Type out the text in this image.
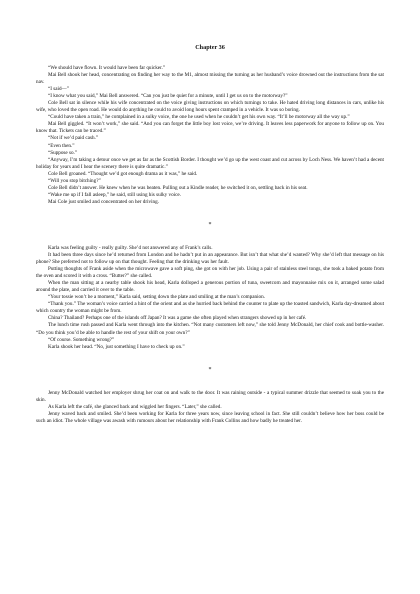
Chapter 36

“We should have flown. It would have been far quicker.”

Mai Bell shook her head, concentrating on finding her way to the M1, almost missing the turning as her husband’s voice drowned out the instructions from the sat nav.

“I said—”

“I know what you said,” Mai Bell answered. “Can you just be quiet for a minute, until I get us on to the motorway?”

Cole Bell sat in silence while his wife concentrated on the voice giving instructions on which turnings to take. He hated driving long distances in cars, unlike his wife, who loved the open road. He would do anything he could to avoid long hours spent cramped in a vehicle. It was so boring.

“Could have taken a train,” he complained in a sulky voice, the one he used when he couldn’t get his own way. “It’ll be motorway all the way up.”

Mai Bell giggled. “It won’t work,” she said. “And you can forget the little boy lost voice, we’re driving. It leaves less paperwork for anyone to follow up on. You know that. Tickets can be traced.”

“Not if we’d paid cash.”

“Even then.”

“Suppose so.”

“Anyway, I’m taking a detour once we get as far as the Scottish Border. I thought we’d go up the west coast and cut across by Loch Ness. We haven’t had a decent holiday for years and I hear the scenery there is quite dramatic.”

Cole Bell groaned. “Thought we’d got enough drama as it was,” he said.

“Will you stop bitching?”

Cole Bell didn’t answer. He knew when he was beaten. Pulling out a Kindle reader, he switched it on, settling back in his seat.

“Wake me up if I fall asleep,” he said, still using his sulky voice.

Mai Cole just smiled and concentrated on her driving.

*

Karla was feeling guilty - really guilty. She’d not answered any of Frank’s calls.

It had been three days since he’d returned from London and he hadn’t put in an appearance. But isn’t that what she’d wanted? Why she’d left that message on his phone? She preferred not to follow up on that thought. Feeling that the drinking was her fault.

Putting thoughts of Frank aside when the microwave gave a soft ping, she got on with her job. Using a pair of stainless steel tongs, she took a baked potato from the oven and scored it with a cross. “Butter?” she called.

When the man sitting at a nearby table shook his head, Karla dolloped a generous portion of tuna, sweetcorn and mayonnaise mix on it, arranged some salad around the plate, and carried it over to the table.

“Your tossie won’t be a moment,” Karla said, setting down the plate and smiling at the man’s companion.

“Thank you.” The woman’s voice carried a hint of the orient and as she hurried back behind the counter to plate up the toasted sandwich, Karla day-dreamed about which country the woman might be from.

China? Thailand? Perhaps one of the islands off Japan? It was a game she often played when strangers showed up in her café.

The lunch time rush passed and Karla went through into the kitchen. “Not many customers left now,” she told Jenny McDonald, her chief cook and bottle-washer. “Do you think you’d be able to handle the rest of your shift on your own?”

“Of course. Something wrong?”

Karla shook her head. “No, just something I have to check up on.”

*

Jenny McDonald watched her employer shrug her coat on and walk to the door. It was raining outside - a typical summer drizzle that seemed to soak you to the skin.

As Karla left the café, she glanced back and wiggled her fingers. “Later,” she called.

Jenny waved back and smiled. She’d been working for Karla for three years now, since leaving school in fact. She still couldn’t believe how her boss could be such an idiot. The whole village was awash with rumours about her relationship with Frank Collins and how badly he treated her.
